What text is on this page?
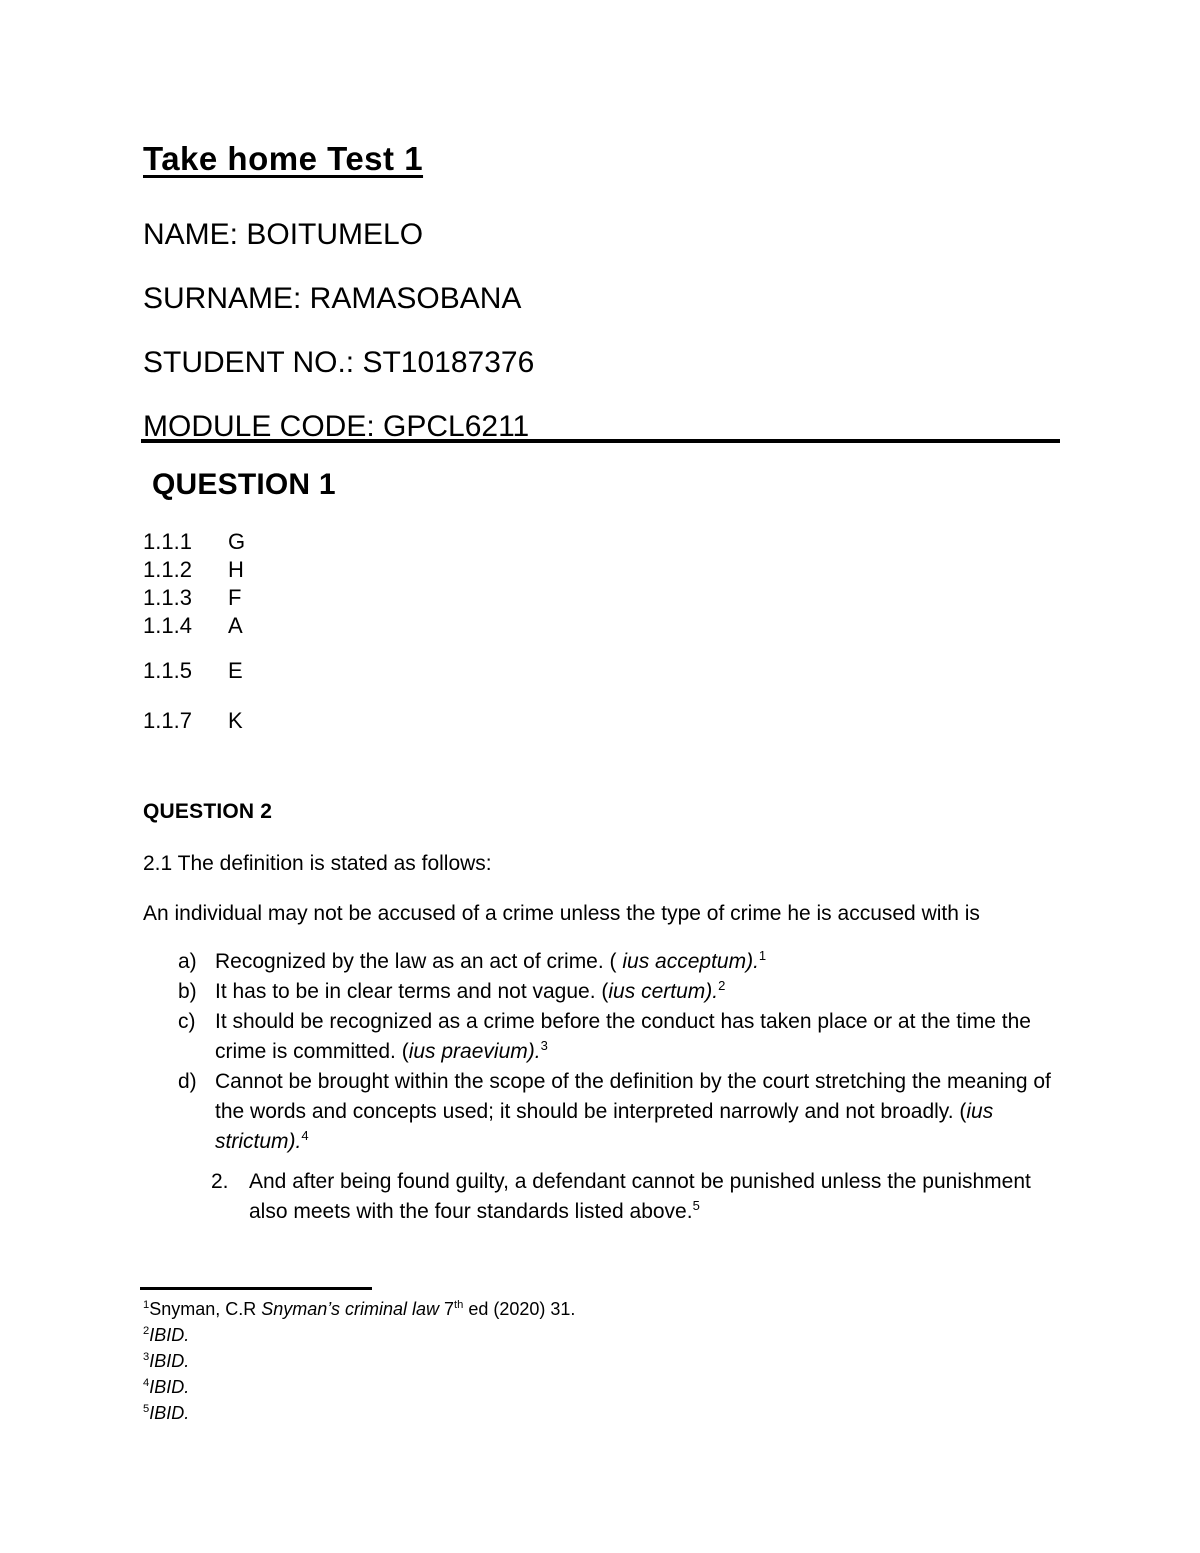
Take home Test 1
NAME: BOITUMELO
SURNAME: RAMASOBANA
STUDENT NO.: ST10187376
MODULE CODE: GPCL6211
QUESTION 1
1.1.1	G
1.1.2	H
1.1.3	F
1.1.4	A
1.1.5	E
1.1.7	K
QUESTION 2
2.1 The definition is stated as follows:
An individual may not be accused of a crime unless the type of crime he is accused with is
a) Recognized by the law as an act of crime. ( ius acceptum).$^1$
b) It has to be in clear terms and not vague. (ius certum).$^2$
c) It should be recognized as a crime before the conduct has taken place or at the time the crime is committed. (ius praevium).$^3$
d) Cannot be brought within the scope of the definition by the court stretching the meaning of the words and concepts used; it should be interpreted narrowly and not broadly. (ius strictum).$^4$
2. And after being found guilty, a defendant cannot be punished unless the punishment also meets with the four standards listed above.$^5$
$^1$Snyman, C.R Snyman’s criminal law 7th ed (2020) 31.
$^2$IBID.
$^3$IBID.
$^4$IBID.
$^5$IBID.
